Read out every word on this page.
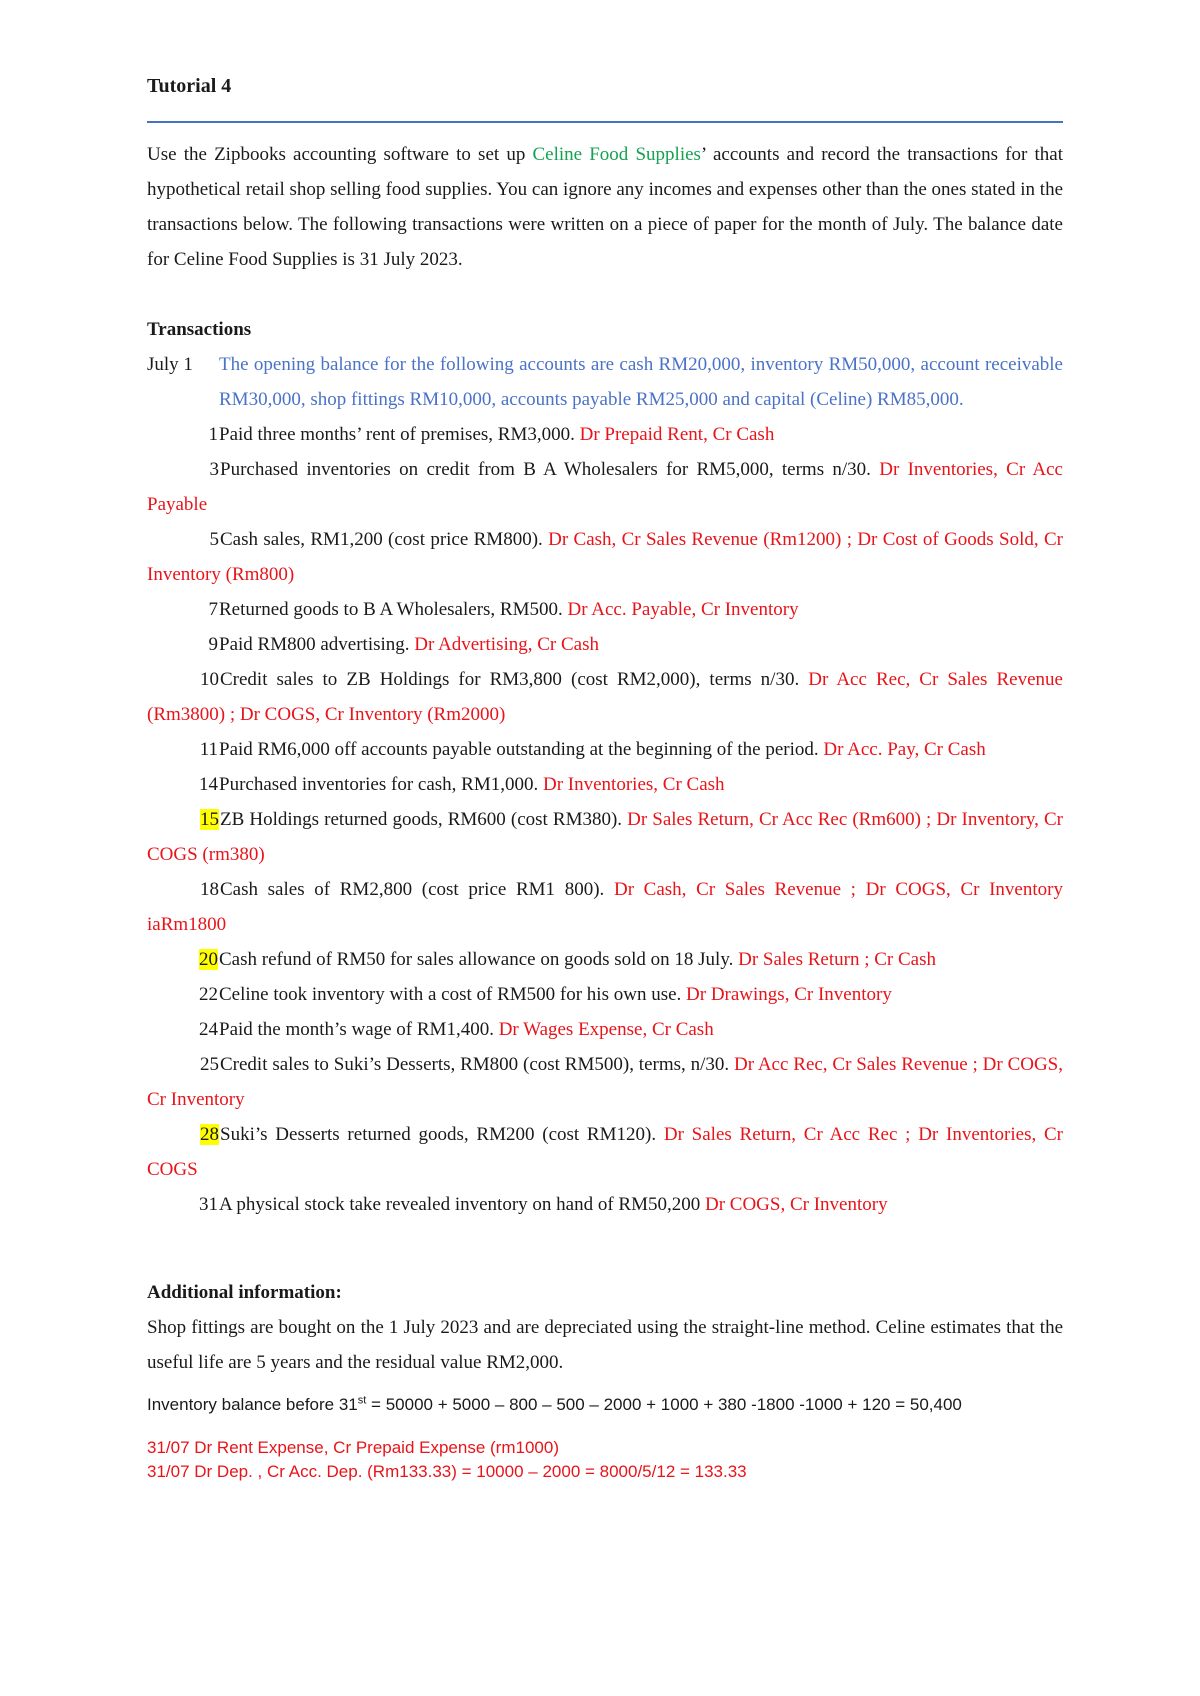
Tutorial 4

Use the Zipbooks accounting software to set up Celine Food Supplies’ accounts and record the transactions for that hypothetical retail shop selling food supplies. You can ignore any incomes and expenses other than the ones stated in the transactions below. The following transactions were written on a piece of paper for the month of July. The balance date for Celine Food Supplies is 31 July 2023.

Transactions

July 1	The opening balance for the following accounts are cash RM20,000, inventory RM50,000, account receivable RM30,000, shop fittings RM10,000, accounts payable RM25,000 and capital (Celine) RM85,000.
1 Paid three months’ rent of premises, RM3,000. Dr Prepaid Rent, Cr Cash
3Purchased inventories on credit from B A Wholesalers for RM5,000, terms n/30. Dr Inventories, Cr Acc Payable
5Cash sales, RM1,200 (cost price RM800). Dr Cash, Cr Sales Revenue (Rm1200) ; Dr Cost of Goods Sold, Cr Inventory (Rm800)
7 Returned goods to B A Wholesalers, RM500. Dr Acc. Payable, Cr Inventory
9 Paid RM800 advertising. Dr Advertising, Cr Cash
10Credit sales to ZB Holdings for RM3,800 (cost RM2,000), terms n/30. Dr Acc Rec, Cr Sales Revenue (Rm3800) ; Dr COGS, Cr Inventory (Rm2000)
11 Paid RM6,000 off accounts payable outstanding at the beginning of the period. Dr Acc. Pay, Cr Cash
14 Purchased inventories for cash, RM1,000. Dr Inventories, Cr Cash
15ZB Holdings returned goods, RM600 (cost RM380). Dr Sales Return, Cr Acc Rec (Rm600) ; Dr Inventory, Cr COGS (rm380)
18Cash sales of RM2,800 (cost price RM1 800). Dr Cash, Cr Sales Revenue ; Dr COGS, Cr Inventory iaRm1800
20 Cash refund of RM50 for sales allowance on goods sold on 18 July. Dr Sales Return ; Cr Cash
22 Celine took inventory with a cost of RM500 for his own use. Dr Drawings, Cr Inventory
24 Paid the month’s wage of RM1,400. Dr Wages Expense, Cr Cash
25Credit sales to Suki’s Desserts, RM800 (cost RM500), terms, n/30. Dr Acc Rec, Cr Sales Revenue ; Dr COGS, Cr Inventory
28Suki’s Desserts returned goods, RM200 (cost RM120). Dr Sales Return, Cr Acc Rec ; Dr Inventories, Cr COGS
31 A physical stock take revealed inventory on hand of RM50,200 Dr COGS, Cr Inventory

Additional information:

Shop fittings are bought on the 1 July 2023 and are depreciated using the straight-line method. Celine estimates that the useful life are 5 years and the residual value RM2,000.

Inventory balance before 31st = 50000 + 5000 – 800 – 500 – 2000 + 1000 + 380 -1800 -1000 + 120 = 50,400

31/07 Dr Rent Expense, Cr Prepaid Expense (rm1000)

31/07 Dr Dep. , Cr Acc. Dep. (Rm133.33) = 10000 – 2000 = 8000/5/12 = 133.33
